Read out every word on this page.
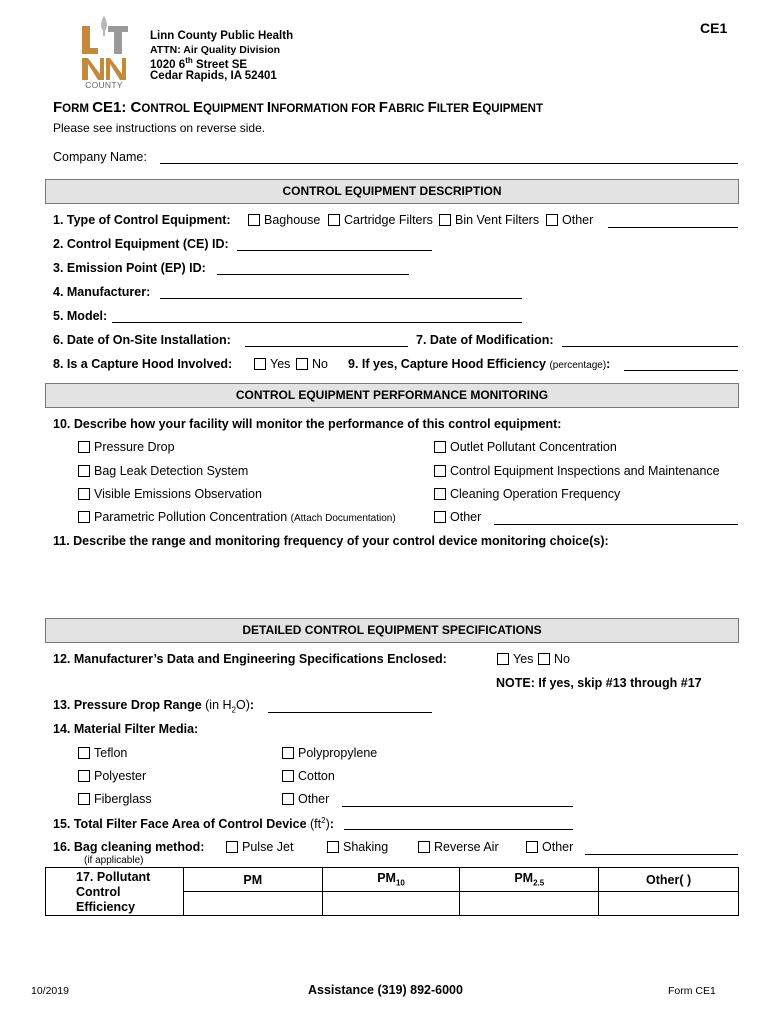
COUNTY
Linn County Public Health
ATTN: Air Quality Division
1020 6th Street SE
Cedar Rapids, IA 52401
CE1
FORM CE1: CONTROL EQUIPMENT INFORMATION FOR FABRIC FILTER EQUIPMENT
Please see instructions on reverse side.
Company Name:
CONTROL EQUIPMENT DESCRIPTION
1. Type of Control Equipment:	Baghouse	Cartridge Filters	Bin Vent Filters	Other
2. Control Equipment (CE) ID:
3. Emission Point (EP) ID:
4. Manufacturer:
5. Model:
6. Date of On-Site Installation:	7. Date of Modification:
8. Is a Capture Hood Involved:	Yes	No 9. If yes, Capture Hood Efficiency (percentage):
CONTROL EQUIPMENT PERFORMANCE MONITORING
10. Describe how your facility will monitor the performance of this control equipment:
Pressure Drop
Bag Leak Detection System
Visible Emissions Observation
Parametric Pollution Concentration (Attach Documentation)
Outlet Pollutant Concentration
Control Equipment Inspections and Maintenance
Cleaning Operation Frequency
Other
11. Describe the range and monitoring frequency of your control device monitoring choice(s):
DETAILED CONTROL EQUIPMENT SPECIFICATIONS
12. Manufacturer’s Data and Engineering Specifications Enclosed:	Yes	No
NOTE: If yes, skip #13 through #17
13. Pressure Drop Range (in $H_2O$):
14. Material Filter Media:
Teflon
Polyester
Fiberglass
Polypropylene
Cotton
Other
15. Total Filter Face Area of Control Device $(ft^2)$:
16. Bag cleaning method:
(if applicable)
Pulse Jet	Shaking	Reverse Air	Other
17. Pollutant
Control
Efficiency	PM	$PM_{10}$	$PM_{2.5}$	Other( )

10/2019	Assistance (319) 892-6000	Form CE1
